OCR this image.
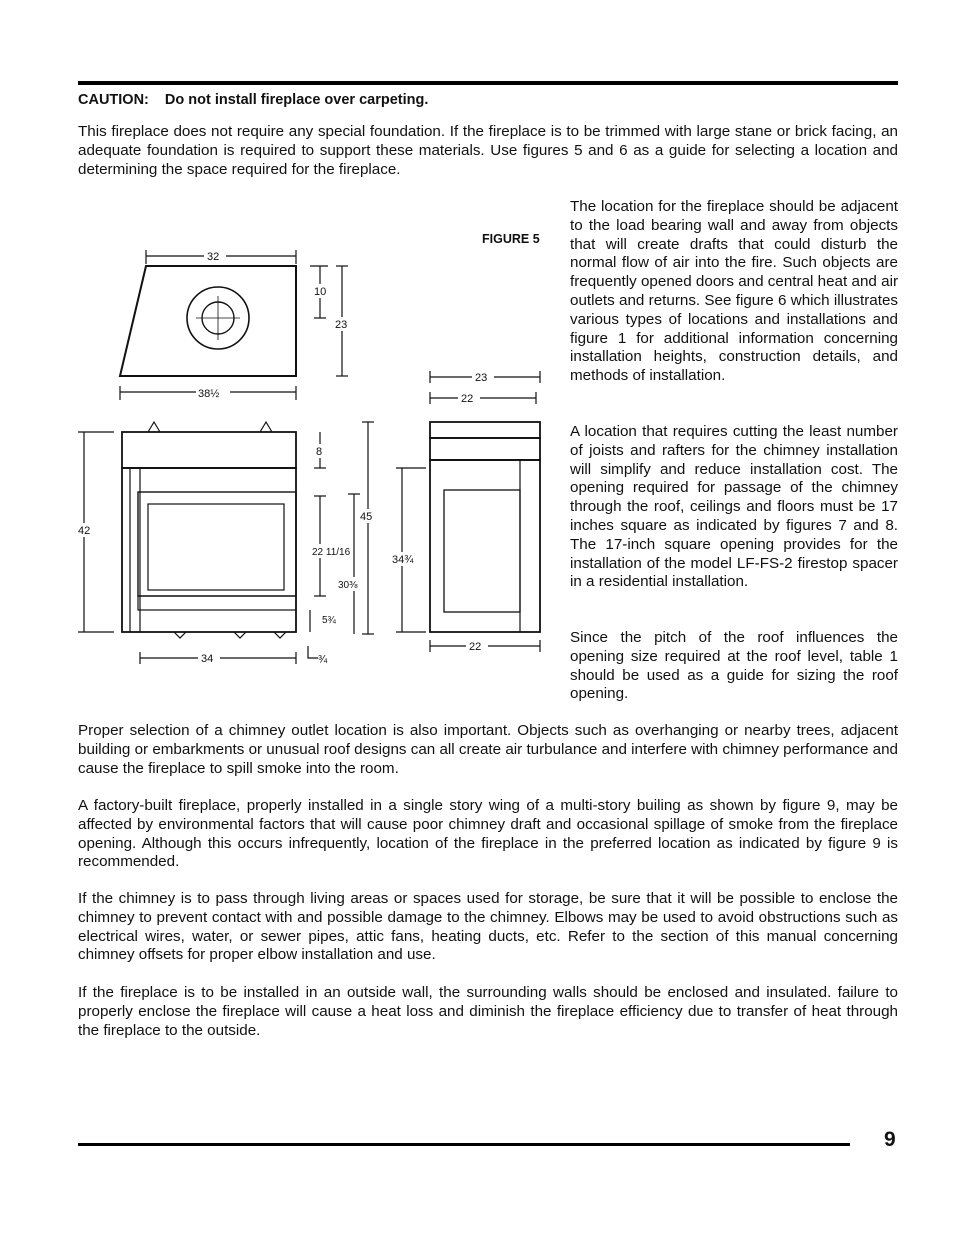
CAUTION: Do not install fireplace over carpeting.

This fireplace does not require any special foundation. If the fireplace is to be trimmed with large stane or brick facing, an adequate foundation is required to support these materials. Use figures 5 and 6 as a guide for selecting a location and determining the space required for the fireplace.

FIGURE 5
32
10
23
38½
42
8
45
22 11/16
30⅜
5¾
34	¾
23
22
34¾
22

The location for the fireplace should be adjacent to the load bearing wall and away from objects that will create drafts that could disturb the normal flow of air into the fire. Such objects are frequently opened doors and central heat and air outlets and returns. See figure 6 which illustrates various types of locations and installations and figure 1 for additional information concerning installation heights, construction details, and methods of installation.

A location that requires cutting the least number of joists and rafters for the chimney installation will simplify and reduce installation cost. The opening required for passage of the chimney through the roof, ceilings and floors must be 17 inches square as indicated by figures 7 and 8. The 17-inch square opening provides for the installation of the model LF-FS-2 firestop spacer in a residential installation.

Since the pitch of the roof influences the opening size required at the roof level, table 1 should be used as a guide for sizing the roof opening.

Proper selection of a chimney outlet location is also important. Objects such as overhanging or nearby trees, adjacent building or embarkments or unusual roof designs can all create air turbulance and interfere with chimney performance and cause the fireplace to spill smoke into the room.

A factory-built fireplace, properly installed in a single story wing of a multi-story builing as shown by figure 9, may be affected by environmental factors that will cause poor chimney draft and occasional spillage of smoke from the fireplace opening. Although this occurs infrequently, location of the fireplace in the preferred location as indicated by figure 9 is recommended.

If the chimney is to pass through living areas or spaces used for storage, be sure that it will be possible to enclose the chimney to prevent contact with and possible damage to the chimney. Elbows may be used to avoid obstructions such as electrical wires, water, or sewer pipes, attic fans, heating ducts, etc. Refer to the section of this manual concerning chimney offsets for proper elbow installation and use.

If the fireplace is to be installed in an outside wall, the surrounding walls should be enclosed and insulated. failure to properly enclose the fireplace will cause a heat loss and diminish the fireplace efficiency due to transfer of heat through the fireplace to the outside.

9
